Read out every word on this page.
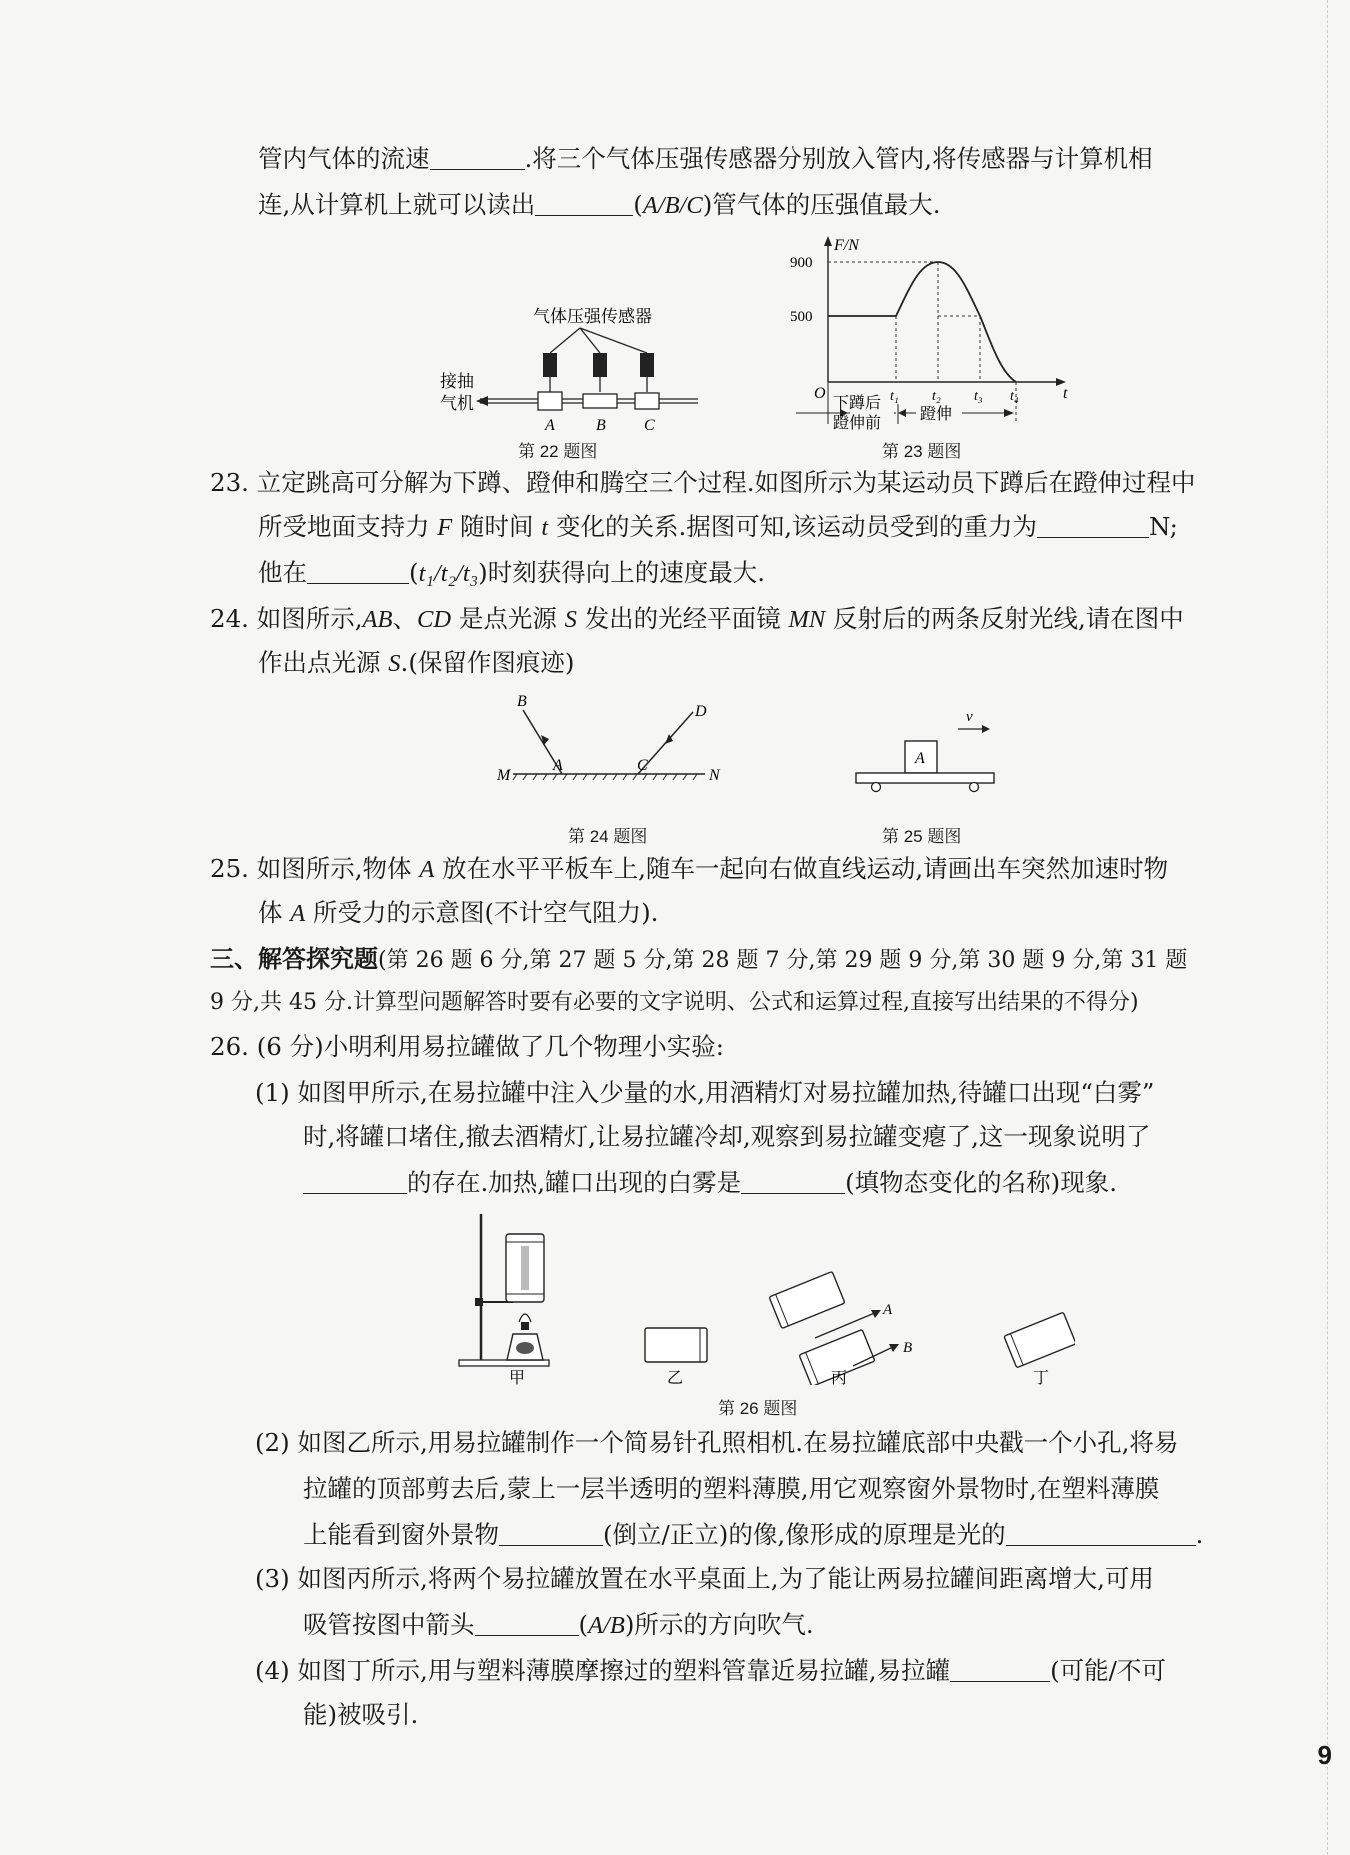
管内气体的流速	.将三个气体压强传感器分别放入管内,将传感器与计算机相
连,从计算机上就可以读出	(A/B/C)管气体的压强值最大.
气体压强传感器
接抽
气机
A	B C
第 22 题图
F/N
t
O
900
500
t₁ t₂ t₃ t₄
下蹲后
蹬伸前
蹬伸
第 23 题图
23. 立定跳高可分解为下蹲、蹬伸和腾空三个过程.如图所示为某运动员下蹲后在蹬伸过程中
所受地面支持力 F 随时间 t 变化的关系.据图可知,该运动员受到的重力为	N;
他在	(t₁/t₂/t₃)时刻获得向上的速度最大.
24. 如图所示,AB、CD 是点光源 S 发出的光经平面镜 MN 反射后的两条反射光线,请在图中
作出点光源 S.(保留作图痕迹)
B
D
M
A	C
N
第 24 题图
v
A
第 25 题图
25. 如图所示,物体 A 放在水平平板车上,随车一起向右做直线运动,请画出车突然加速时物
体 A 所受力的示意图(不计空气阻力).
三、解答探究题(第 26 题 6 分,第 27 题 5 分,第 28 题 7 分,第 29 题 9 分,第 30 题 9 分,第 31 题
9 分,共 45 分.计算型问题解答时要有必要的文字说明、公式和运算过程,直接写出结果的不得分)
26. (6 分)小明利用易拉罐做了几个物理小实验:
(1) 如图甲所示,在易拉罐中注入少量的水,用酒精灯对易拉罐加热,待罐口出现“白雾”
时,将罐口堵住,撤去酒精灯,让易拉罐冷却,观察到易拉罐变瘪了,这一现象说明了
的存在.加热,罐口出现的白雾是	(填物态变化的名称)现象.
甲	乙
A
B
丙	丁
第 26 题图
(2) 如图乙所示,用易拉罐制作一个简易针孔照相机.在易拉罐底部中央戳一个小孔,将易
拉罐的顶部剪去后,蒙上一层半透明的塑料薄膜,用它观察窗外景物时,在塑料薄膜
上能看到窗外景物	(倒立/正立)的像,像形成的原理是光的	.
(3) 如图丙所示,将两个易拉罐放置在水平桌面上,为了能让两易拉罐间距离增大,可用
吸管按图中箭头	(A/B)所示的方向吹气.
(4) 如图丁所示,用与塑料薄膜摩擦过的塑料管靠近易拉罐,易拉罐	(可能/不可
能)被吸引.
9
